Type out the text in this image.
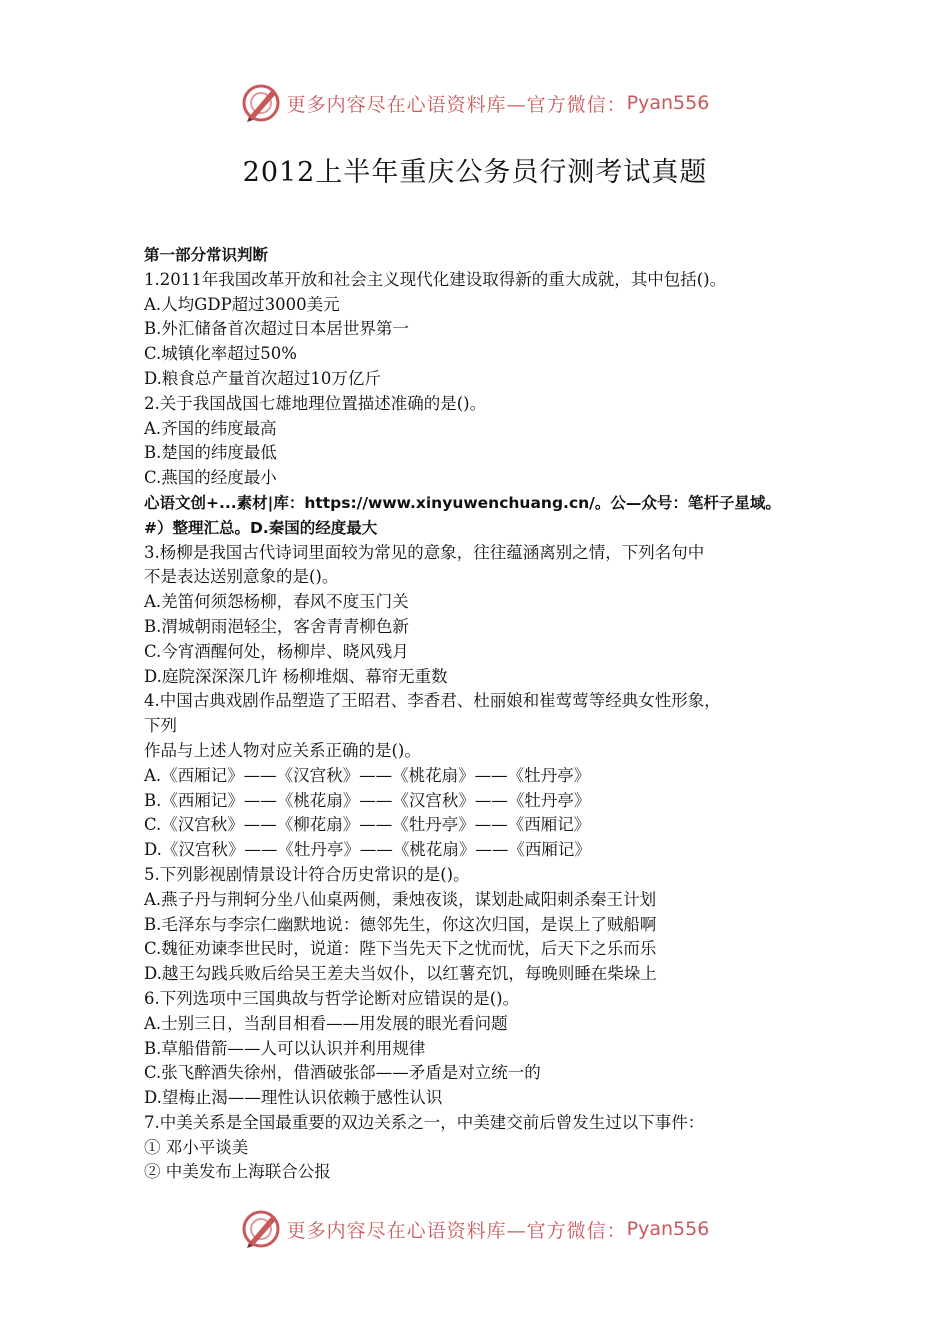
更多内容尽在心语资料库—官方微信： Pyan556
2012上半年重庆公务员行测考试真题
第一部分常识判断
1.2011年我国改革开放和社会主义现代化建设取得新的重大成就，其中包括()。
A.人均GDP超过3000美元
B.外汇储备首次超过日本居世界第一
C.城镇化率超过50%
D.粮食总产量首次超过10万亿斤
2.关于我国战国七雄地理位置描述准确的是()。
A.齐国的纬度最高
B.楚国的纬度最低
C.燕国的经度最小
心语文创+...素材|库：https://www.xinyuwenchuang.cn/。公—众号：笔杆子星域。
#）整理汇总。D.秦国的经度最大
3.杨柳是我国古代诗词里面较为常见的意象，往往蕴涵离别之情，下列名句中
不是表达送别意象的是()。
A.羌笛何须怨杨柳，春风不度玉门关
B.渭城朝雨浥轻尘，客舍青青柳色新
C.今宵酒醒何处，杨柳岸、晓风残月
D.庭院深深深几许 杨柳堆烟、幕帘无重数
4.中国古典戏剧作品塑造了王昭君、李香君、杜丽娘和崔莺莺等经典女性形象，
下列
作品与上述人物对应关系正确的是()。
A.《西厢记》——《汉宫秋》——《桃花扇》——《牡丹亭》
B.《西厢记》——《桃花扇》——《汉宫秋》——《牡丹亭》
C.《汉宫秋》——《柳花扇》——《牡丹亭》——《西厢记》
D.《汉宫秋》——《牡丹亭》——《桃花扇》——《西厢记》
5.下列影视剧情景设计符合历史常识的是()。
A.燕子丹与荆轲分坐八仙桌两侧，秉烛夜谈，谋划赴咸阳刺杀秦王计划
B.毛泽东与李宗仁幽默地说：德邻先生，你这次归国，是误上了贼船啊
C.魏征劝谏李世民时，说道：陛下当先天下之忧而忧，后天下之乐而乐
D.越王勾践兵败后给吴王差夫当奴仆，以红薯充饥，每晚则睡在柴垛上
6.下列选项中三国典故与哲学论断对应错误的是()。
A.士别三日，当刮目相看——用发展的眼光看问题
B.草船借箭——人可以认识并利用规律
C.张飞醉酒失徐州，借酒破张郃——矛盾是对立统一的
D.望梅止渴——理性认识依赖于感性认识
7.中美关系是全国最重要的双边关系之一，中美建交前后曾发生过以下事件：
① 邓小平谈美
② 中美发布上海联合公报
更多内容尽在心语资料库—官方微信： Pyan556
